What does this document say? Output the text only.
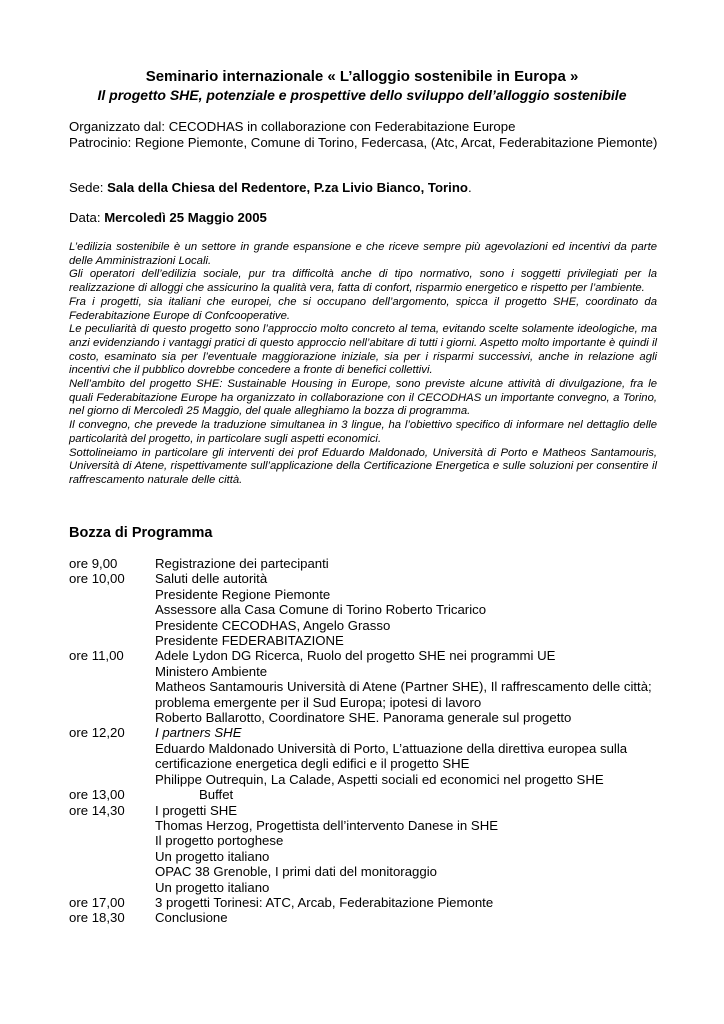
Seminario internazionale « L’alloggio sostenibile in Europa »
Il progetto SHE, potenziale e prospettive dello sviluppo dell’alloggio sostenibile
Organizzato dal: CECODHAS in collaborazione con Federabitazione Europe
Patrocinio: Regione Piemonte, Comune di Torino, Federcasa, (Atc, Arcat, Federabitazione Piemonte)
Sede: Sala della Chiesa del Redentore, P.za Livio Bianco, Torino.
Data: Mercoledì 25 Maggio 2005

L’edilizia sostenibile è un settore in grande espansione e che riceve sempre più agevolazioni ed incentivi da parte delle Amministrazioni Locali.

Gli operatori dell’edilizia sociale, pur tra difficoltà anche di tipo normativo, sono i soggetti privilegiati per la realizzazione di alloggi che assicurino la qualità vera, fatta di confort, risparmio energetico e rispetto per l’ambiente.

Fra i progetti, sia italiani che europei, che si occupano dell’argomento, spicca il progetto SHE, coordinato da Federabitazione Europe di Confcooperative.

Le peculiarità di questo progetto sono l’approccio molto concreto al tema, evitando scelte solamente ideologiche, ma anzi evidenziando i vantaggi pratici di questo approccio nell’abitare di tutti i giorni. Aspetto molto importante è quindi il costo, esaminato sia per l’eventuale maggiorazione iniziale, sia per i risparmi successivi, anche in relazione agli incentivi che il pubblico dovrebbe concedere a fronte di benefici collettivi.

Nell’ambito del progetto SHE: Sustainable Housing in Europe, sono previste alcune attività di divulgazione, fra le quali Federabitazione Europe ha organizzato in collaborazione con il CECODHAS un importante convegno, a Torino, nel giorno di Mercoledì 25 Maggio, del quale alleghiamo la bozza di programma.

Il convegno, che prevede la traduzione simultanea in 3 lingue, ha l’obiettivo specifico di informare nel dettaglio delle particolarità del progetto, in particolare sugli aspetti economici.

Sottolineiamo in particolare gli interventi dei prof Eduardo Maldonado, Università di Porto e Matheos Santamouris, Università di Atene, rispettivamente sull’applicazione della Certificazione Energetica e sulle soluzioni per consentire il raffrescamento naturale delle città.

Bozza di Programma
ore 9,00	Registrazione dei partecipanti
ore 10,00	Saluti delle autorità
Presidente Regione Piemonte
Assessore alla Casa Comune di Torino Roberto Tricarico
Presidente CECODHAS, Angelo Grasso
Presidente FEDERABITAZIONE
ore 11,00	Adele Lydon DG Ricerca, Ruolo del progetto SHE nei programmi UE
Ministero Ambiente
Matheos Santamouris Università di Atene (Partner SHE), Il raffrescamento delle città; problema emergente per il Sud Europa; ipotesi di lavoro
Roberto Ballarotto, Coordinatore SHE. Panorama generale sul progetto
ore 12,20	I partners SHE
Eduardo Maldonado Università di Porto, L’attuazione della direttiva europea sulla certificazione energetica degli edifici e il progetto SHE
Philippe Outrequin, La Calade, Aspetti sociali ed economici nel progetto SHE
ore 13,00	Buffet
ore 14,30	I progetti SHE
Thomas Herzog, Progettista dell’intervento Danese in SHE
Il progetto portoghese
Un progetto italiano
OPAC 38 Grenoble, I primi dati del monitoraggio
Un progetto italiano
ore 17,00	3 progetti Torinesi: ATC, Arcab, Federabitazione Piemonte
ore 18,30	Conclusione
